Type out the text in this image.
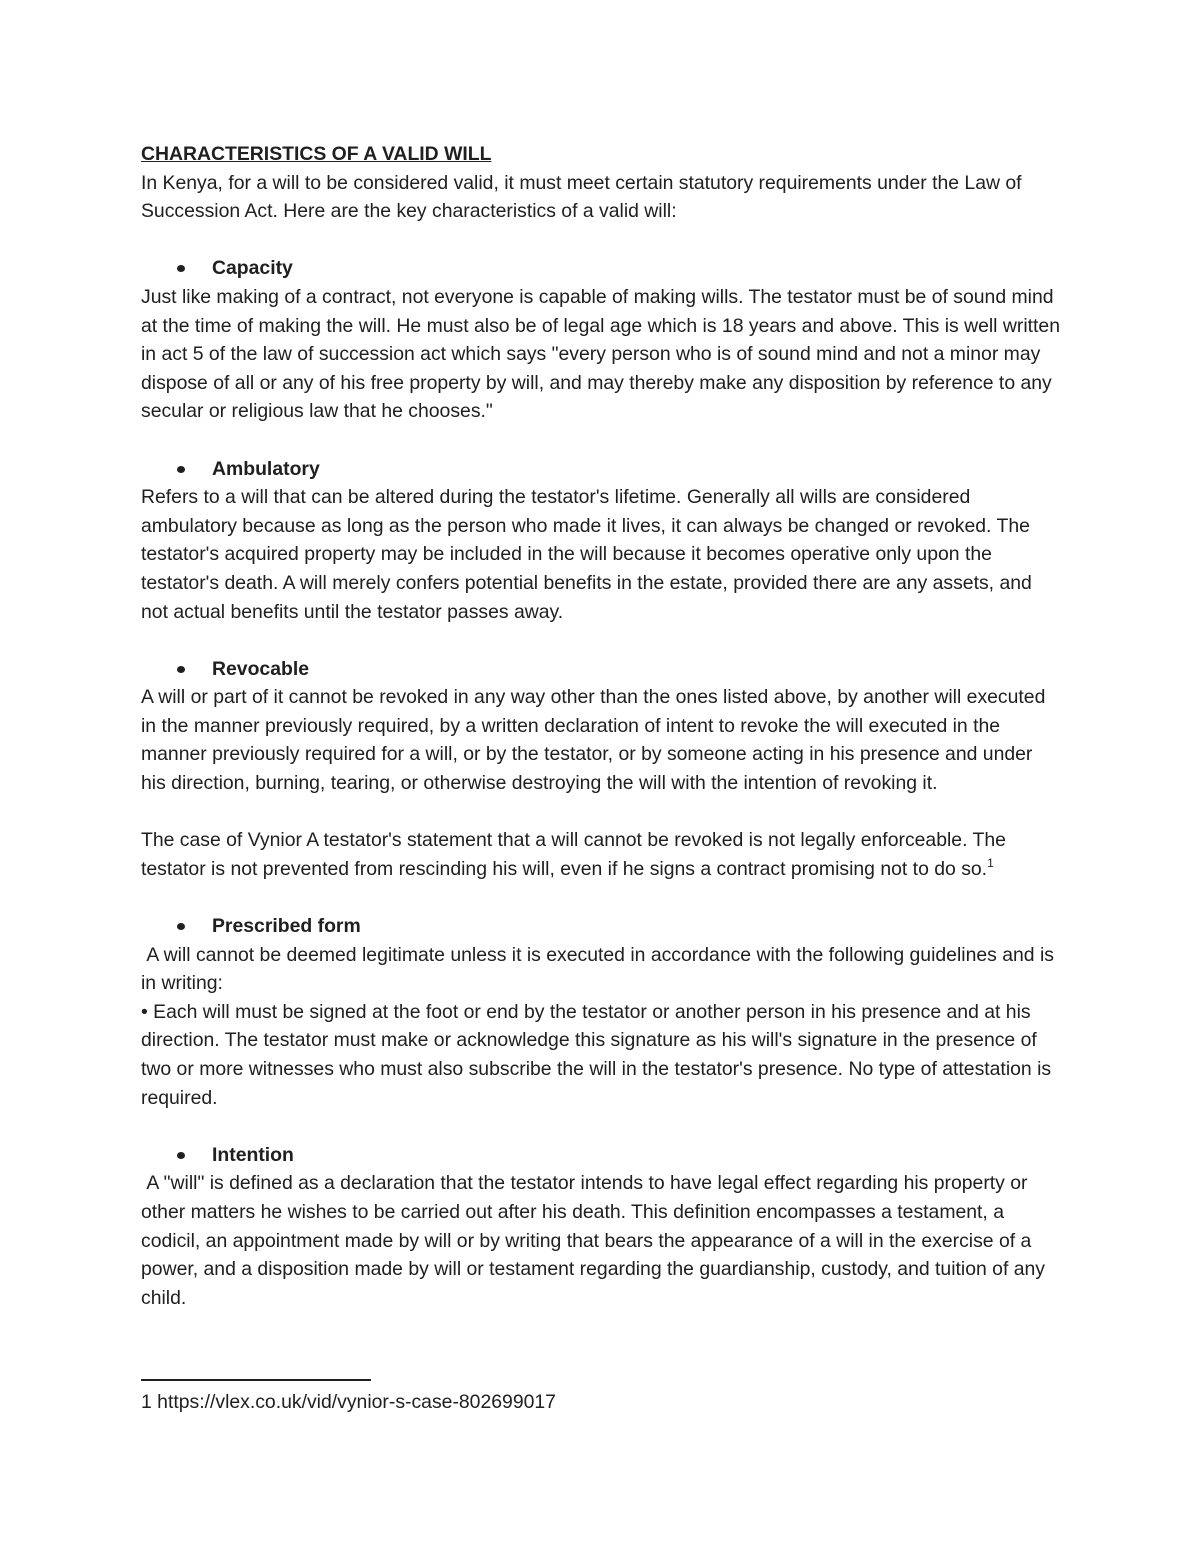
CHARACTERISTICS OF A VALID WILL

In Kenya, for a will to be considered valid, it must meet certain statutory requirements under the Law of Succession Act. Here are the key characteristics of a valid will:

Capacity

Just like making of a contract, not everyone is capable of making wills. The testator must be of sound mind at the time of making the will. He must also be of legal age which is 18 years and above. This is well written in act 5 of the law of succession act which says "every person who is of sound mind and not a minor may dispose of all or any of his free property by will, and may thereby make any disposition by reference to any secular or religious law that he chooses."

Ambulatory

Refers to a will that can be altered during the testator's lifetime. Generally all wills are considered ambulatory because as long as the person who made it lives, it can always be changed or revoked. The testator's acquired property may be included in the will because it becomes operative only upon the testator's death. A will merely confers potential benefits in the estate, provided there are any assets, and not actual benefits until the testator passes away.

Revocable

A will or part of it cannot be revoked in any way other than the ones listed above, by another will executed in the manner previously required, by a written declaration of intent to revoke the will executed in the manner previously required for a will, or by the testator, or by someone acting in his presence and under his direction, burning, tearing, or otherwise destroying the will with the intention of revoking it.

The case of Vynior A testator's statement that a will cannot be revoked is not legally enforceable. The testator is not prevented from rescinding his will, even if he signs a contract promising not to do so.$^1$

Prescribed form

A will cannot be deemed legitimate unless it is executed in accordance with the following guidelines and is in writing:

• Each will must be signed at the foot or end by the testator or another person in his presence and at his direction. The testator must make or acknowledge this signature as his will's signature in the presence of two or more witnesses who must also subscribe the will in the testator's presence. No type of attestation is required.

Intention

A "will" is defined as a declaration that the testator intends to have legal effect regarding his property or other matters he wishes to be carried out after his death. This definition encompasses a testament, a codicil, an appointment made by will or by writing that bears the appearance of a will in the exercise of a power, and a disposition made by will or testament regarding the guardianship, custody, and tuition of any child.

1 https://vlex.co.uk/vid/vynior-s-case-802699017
